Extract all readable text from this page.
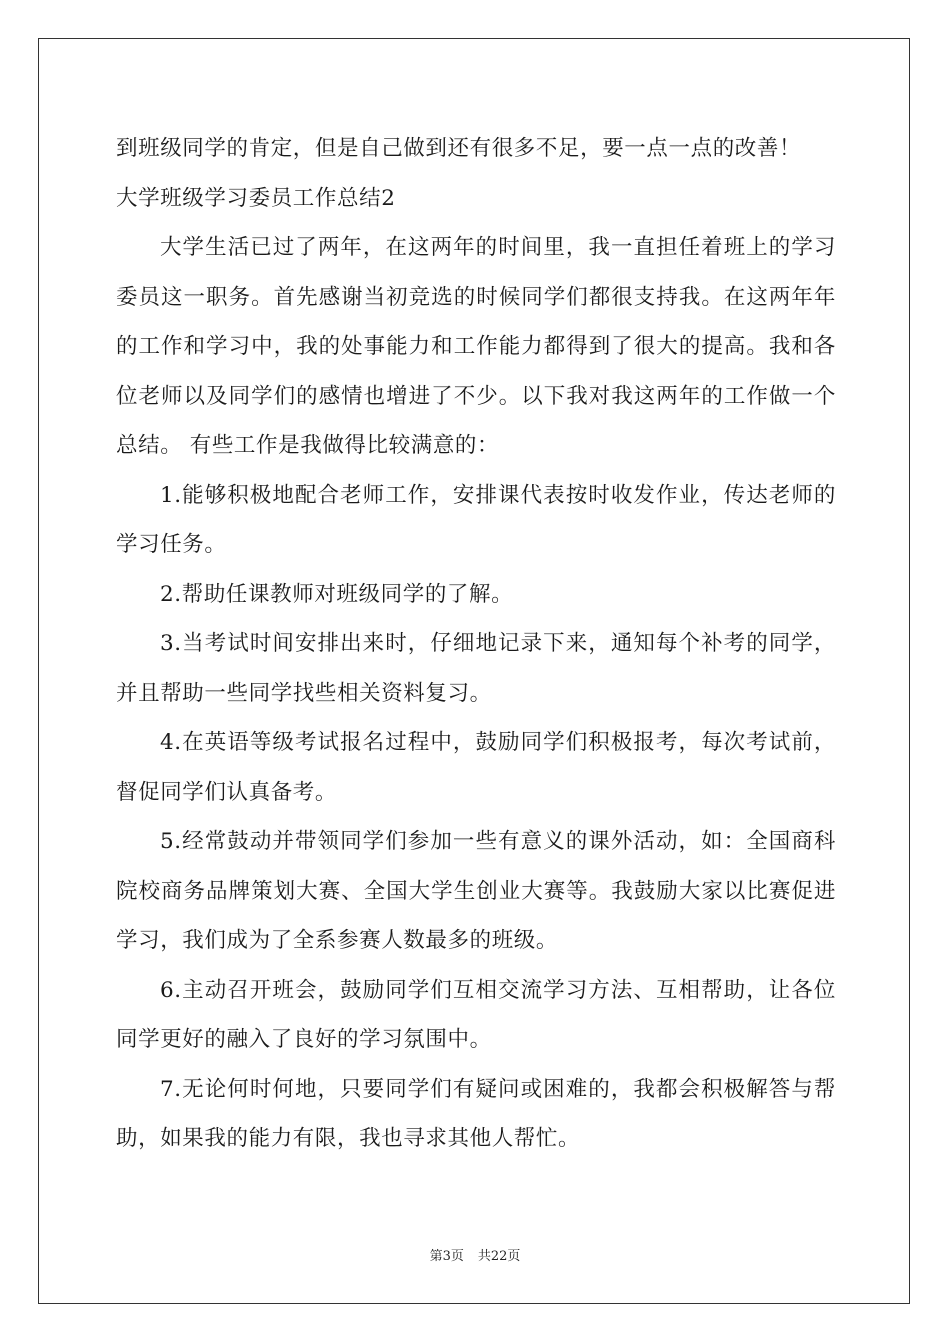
到班级同学的肯定，但是自己做到还有很多不足，要一点一点的改善！

大学班级学习委员工作总结2

大学生活已过了两年，在这两年的时间里，我一直担任着班上的学习委员这一职务。首先感谢当初竞选的时候同学们都很支持我。在这两年年的工作和学习中，我的处事能力和工作能力都得到了很大的提高。我和各位老师以及同学们的感情也增进了不少。以下我对我这两年的工作做一个总结。 有些工作是我做得比较满意的：

1.能够积极地配合老师工作，安排课代表按时收发作业，传达老师的学习任务。

2.帮助任课教师对班级同学的了解。

3.当考试时间安排出来时，仔细地记录下来，通知每个补考的同学，并且帮助一些同学找些相关资料复习。

4.在英语等级考试报名过程中，鼓励同学们积极报考，每次考试前，督促同学们认真备考。

5.经常鼓动并带领同学们参加一些有意义的课外活动，如：全国商科院校商务品牌策划大赛、全国大学生创业大赛等。我鼓励大家以比赛促进学习，我们成为了全系参赛人数最多的班级。

6.主动召开班会，鼓励同学们互相交流学习方法、互相帮助，让各位同学更好的融入了良好的学习氛围中。

7.无论何时何地，只要同学们有疑问或困难的，我都会积极解答与帮助，如果我的能力有限，我也寻求其他人帮忙。

第3页 共22页
